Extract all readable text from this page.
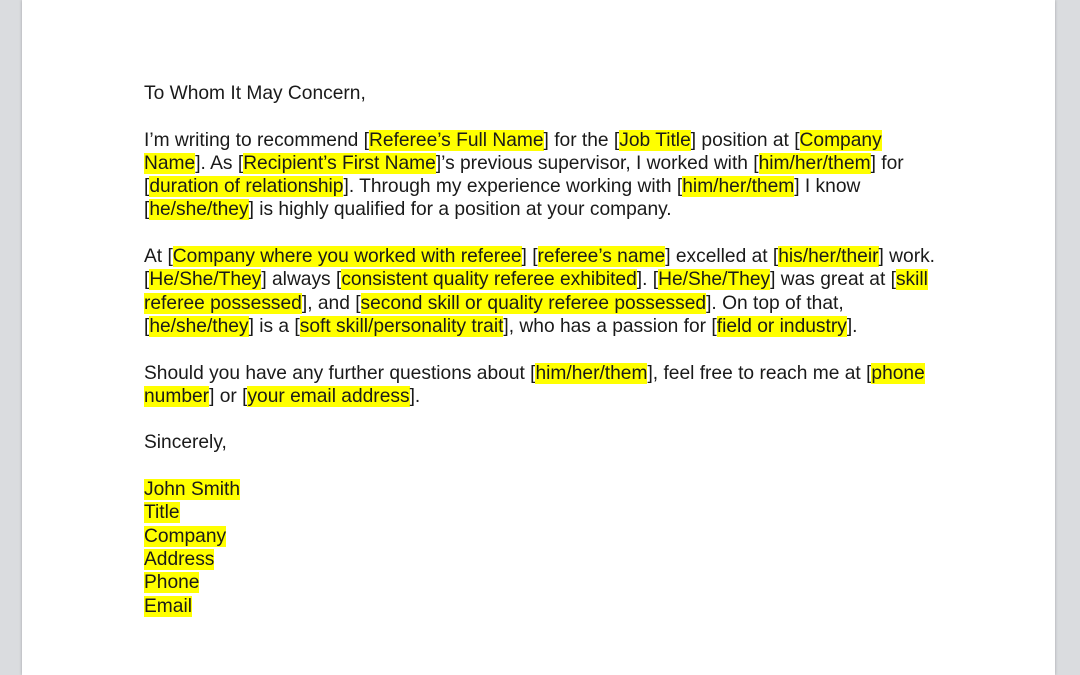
To Whom It May Concern,

I’m writing to recommend [Referee’s Full Name] for the [Job Title] position at [Company Name]. As [Recipient’s First Name]’s previous supervisor, I worked with [him/her/them] for [duration of relationship]. Through my experience working with [him/her/them] I know [he/she/they] is highly qualified for a position at your company.

At [Company where you worked with referee] [referee’s name] excelled at [his/her/their] work. [He/She/They] always [consistent quality referee exhibited]. [He/She/They] was great at [skill referee possessed], and [second skill or quality referee possessed]. On top of that, [he/she/they] is a [soft skill/personality trait], who has a passion for [field or industry].

Should you have any further questions about [him/her/them], feel free to reach me at [phone number] or [your email address].

Sincerely,

John Smith
Title
Company
Address
Phone
Email
